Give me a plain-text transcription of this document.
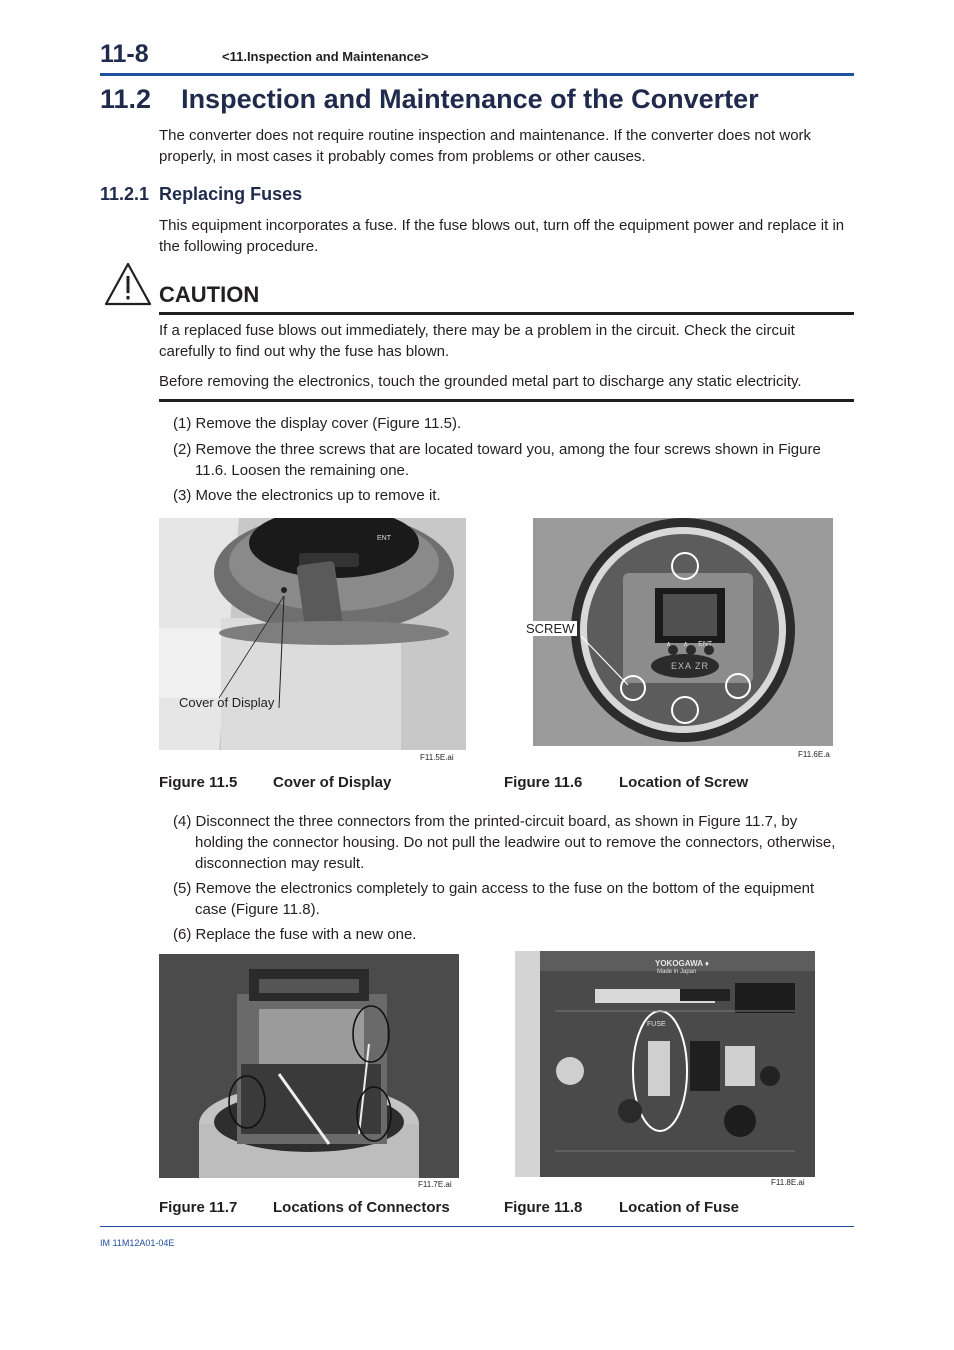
11-8	<11.Inspection and Maintenance>
11.2    Inspection and Maintenance of the Converter
The converter does not require routine inspection and maintenance. If the converter does not work properly, in most cases it probably comes from problems or other causes.
11.2.1  Replacing Fuses
This equipment incorporates a fuse. If the fuse blows out, turn off the equipment power and replace it in the following procedure.
CAUTION
If a replaced fuse blows out immediately, there may be a problem in the circuit. Check the circuit carefully to find out why the fuse has blown.
Before removing the electronics, touch the grounded metal part to discharge any static electricity.
(1) Remove the display cover (Figure 11.5).
(2) Remove the three screws that are located toward you, among the four screws shown in Figure
11.6. Loosen the remaining one.
(3) Move the electronics up to remove it.
ENT
Cover of Display
F11.5E.ai
∧ ∧ ENT
EXA ZR
SCREW
F11.6E.a
Figure 11.5 Cover of Display	Figure 11.6 Location of Screw
(4) Disconnect the three connectors from the printed-circuit board, as shown in Figure 11.7, by
holding the connector housing. Do not pull the leadwire out to remove the connectors, otherwise,
disconnection may result.
(5) Remove the electronics completely to gain access to the fuse on the bottom of the equipment
case (Figure 11.8).
(6) Replace the fuse with a new one.
F11.7E.ai
YOKOGAWA ♦
Made in Japan
FUSE
F11.8E.ai
Figure 11.7 Locations of Connectors	Figure 11.8 Location of Fuse
IM 11M12A01-04E
